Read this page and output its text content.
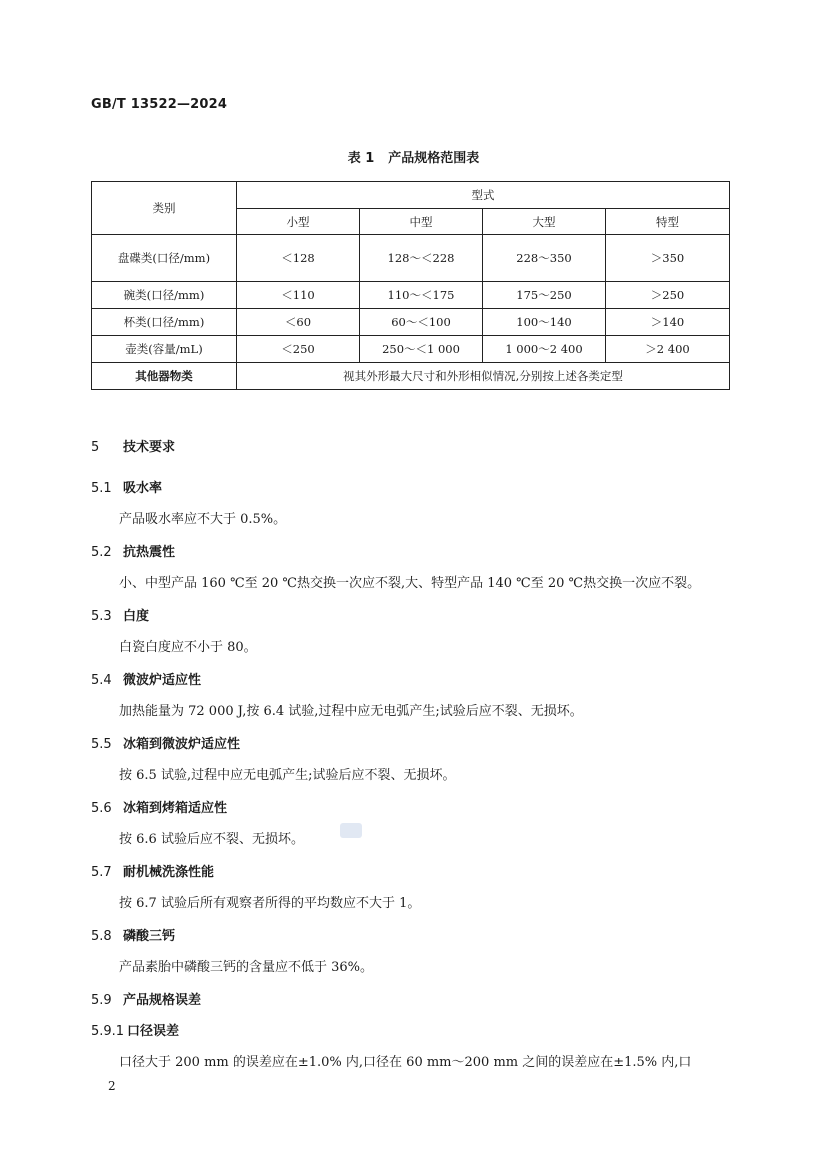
GB/T 13522—2024
表 1 产品规格范围表
类别	型式			
	小型	中型	大型	特型
盘碟类(口径/mm)	＜128	128～＜228	228～350	＞350
碗类(口径/mm)	＜110	110～＜175	175～250	＞250
杯类(口径/mm)	＜60	60～＜100	100～140	＞140
壶类(容量/mL)	＜250	250～＜1 000	1 000～2 400	＞2 400
其他器物类	视其外形最大尺寸和外形相似情况,分别按上述各类定型			
5 技术要求
5.1 吸水率
产品吸水率应不大于 0.5%。
5.2 抗热震性
小、中型产品 160 ℃至 20 ℃热交换一次应不裂,大、特型产品 140 ℃至 20 ℃热交换一次应不裂。
5.3 白度
白瓷白度应不小于 80。
5.4 微波炉适应性
加热能量为 72 000 J,按 6.4 试验,过程中应无电弧产生;试验后应不裂、无损坏。
5.5 冰箱到微波炉适应性
按 6.5 试验,过程中应无电弧产生;试验后应不裂、无损坏。
5.6 冰箱到烤箱适应性
按 6.6 试验后应不裂、无损坏。
5.7 耐机械洗涤性能
按 6.7 试验后所有观察者所得的平均数应不大于 1。
5.8 磷酸三钙
产品素胎中磷酸三钙的含量应不低于 36%。
5.9 产品规格误差
5.9.1 口径误差
口径大于 200 mm 的误差应在±1.0% 内,口径在 60 mm～200 mm 之间的误差应在±1.5% 内,口
2
